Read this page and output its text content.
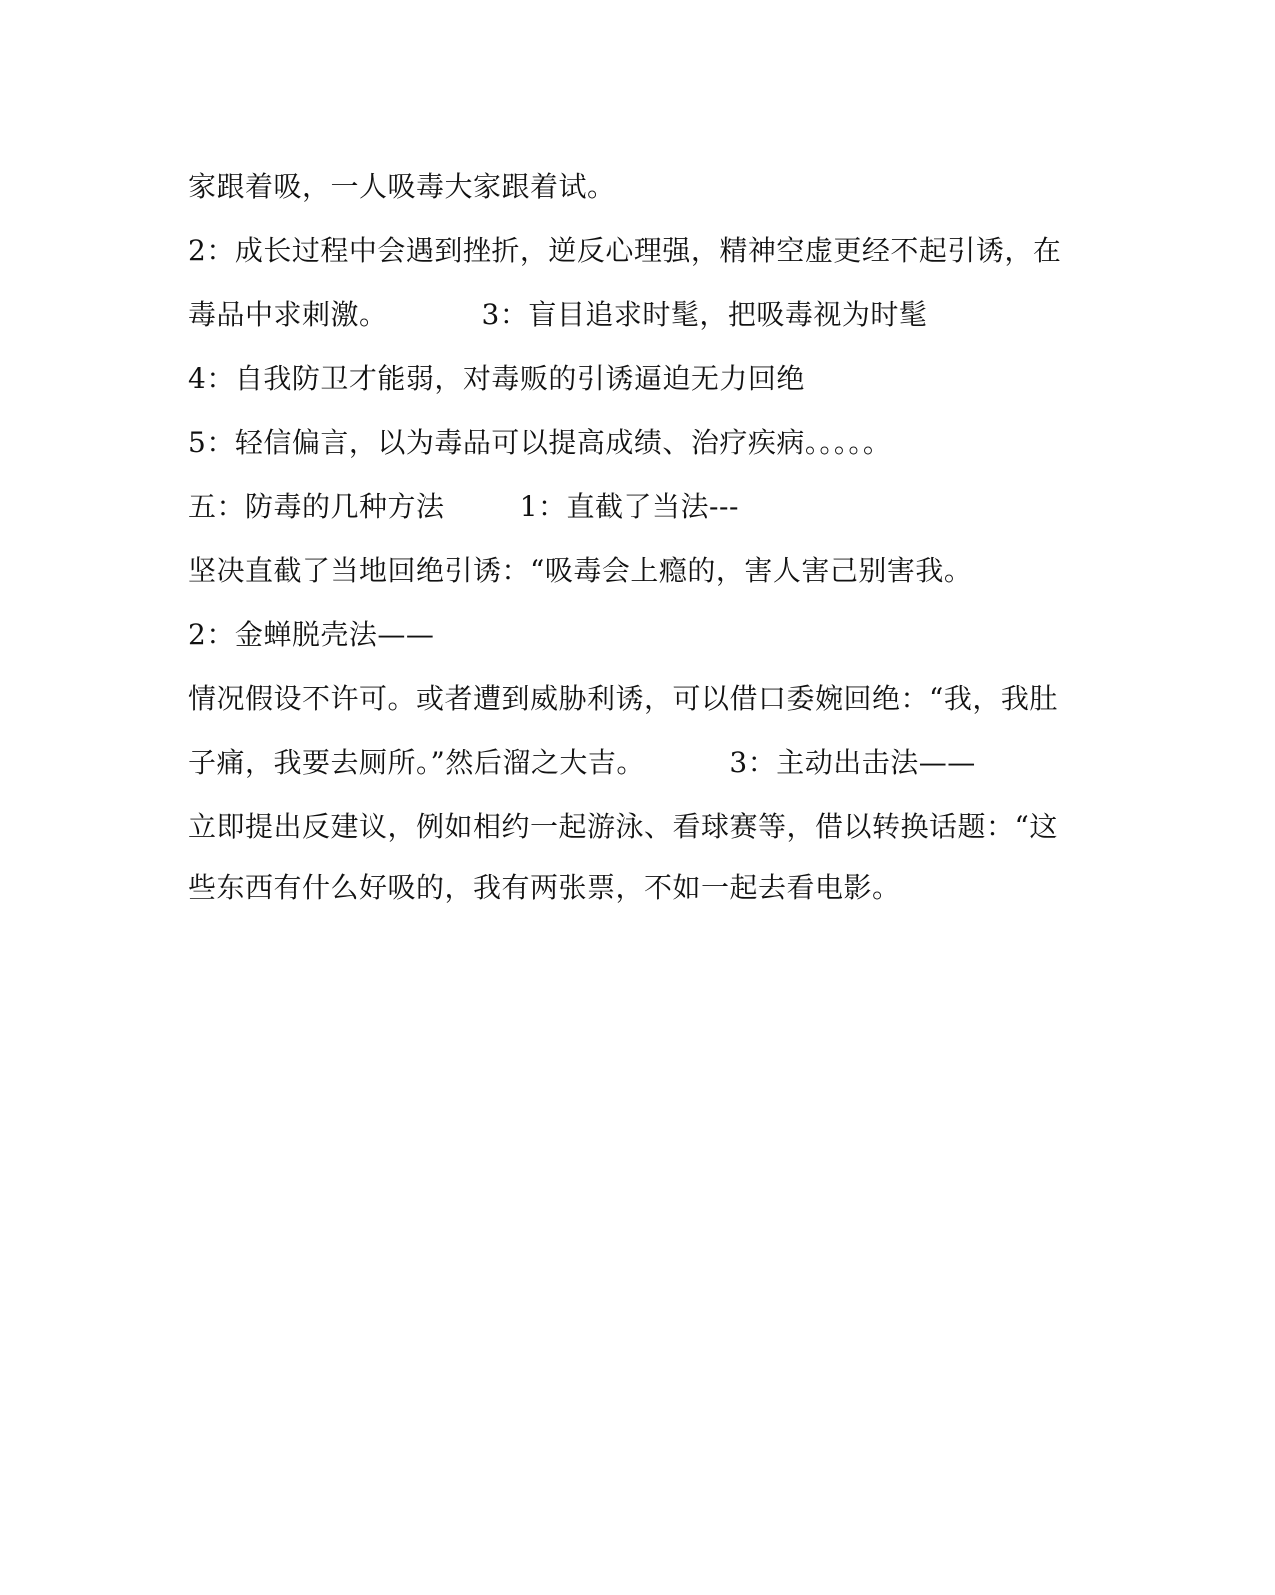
家跟着吸，一人吸毒大家跟着试。
2：成长过程中会遇到挫折，逆反心理强，精神空虚更经不起引诱，在
毒品中求刺激。          3：盲目追求时髦，把吸毒视为时髦
4：自我防卫才能弱，对毒贩的引诱逼迫无力回绝
5：轻信偏言，以为毒品可以提高成绩、治疗疾病。。。。。
五：防毒的几种方法        1：直截了当法---
坚决直截了当地回绝引诱：“吸毒会上瘾的，害人害己别害我。
2：金蝉脱壳法——
情况假设不许可。或者遭到威胁利诱，可以借口委婉回绝：“我，我肚
子痛，我要去厕所。”然后溜之大吉。         3：主动出击法——
立即提出反建议，例如相约一起游泳、看球赛等，借以转换话题：“这
些东西有什么好吸的，我有两张票，不如一起去看电影。
